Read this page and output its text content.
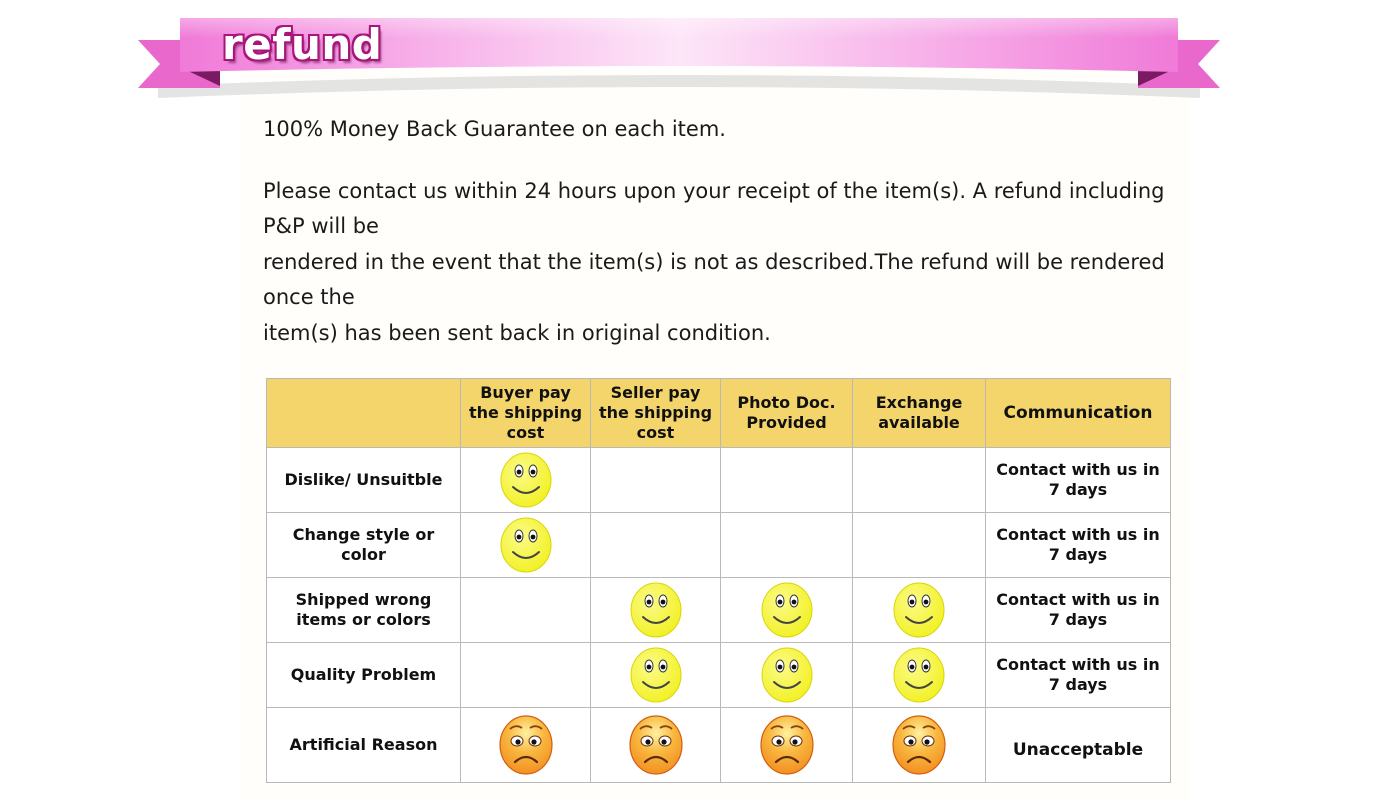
refund

100% Money Back Guarantee on each item.

Please contact us within 24 hours upon your receipt of the item(s). A refund including

P&P will be

rendered in the event that the item(s) is not as described.The refund will be rendered

once the

item(s) has been sent back in original condition.

	Buyer pay the shipping cost	Seller pay the shipping cost	Photo Doc. Provided	Exchange available	Communication
Dislike/ Unsuitble					Contact with us in 7 days
Change style or color					Contact with us in 7 days
Shipped wrong items or colors					Contact with us in 7 days
Quality Problem					Contact with us in 7 days
Artificial Reason					Unacceptable
